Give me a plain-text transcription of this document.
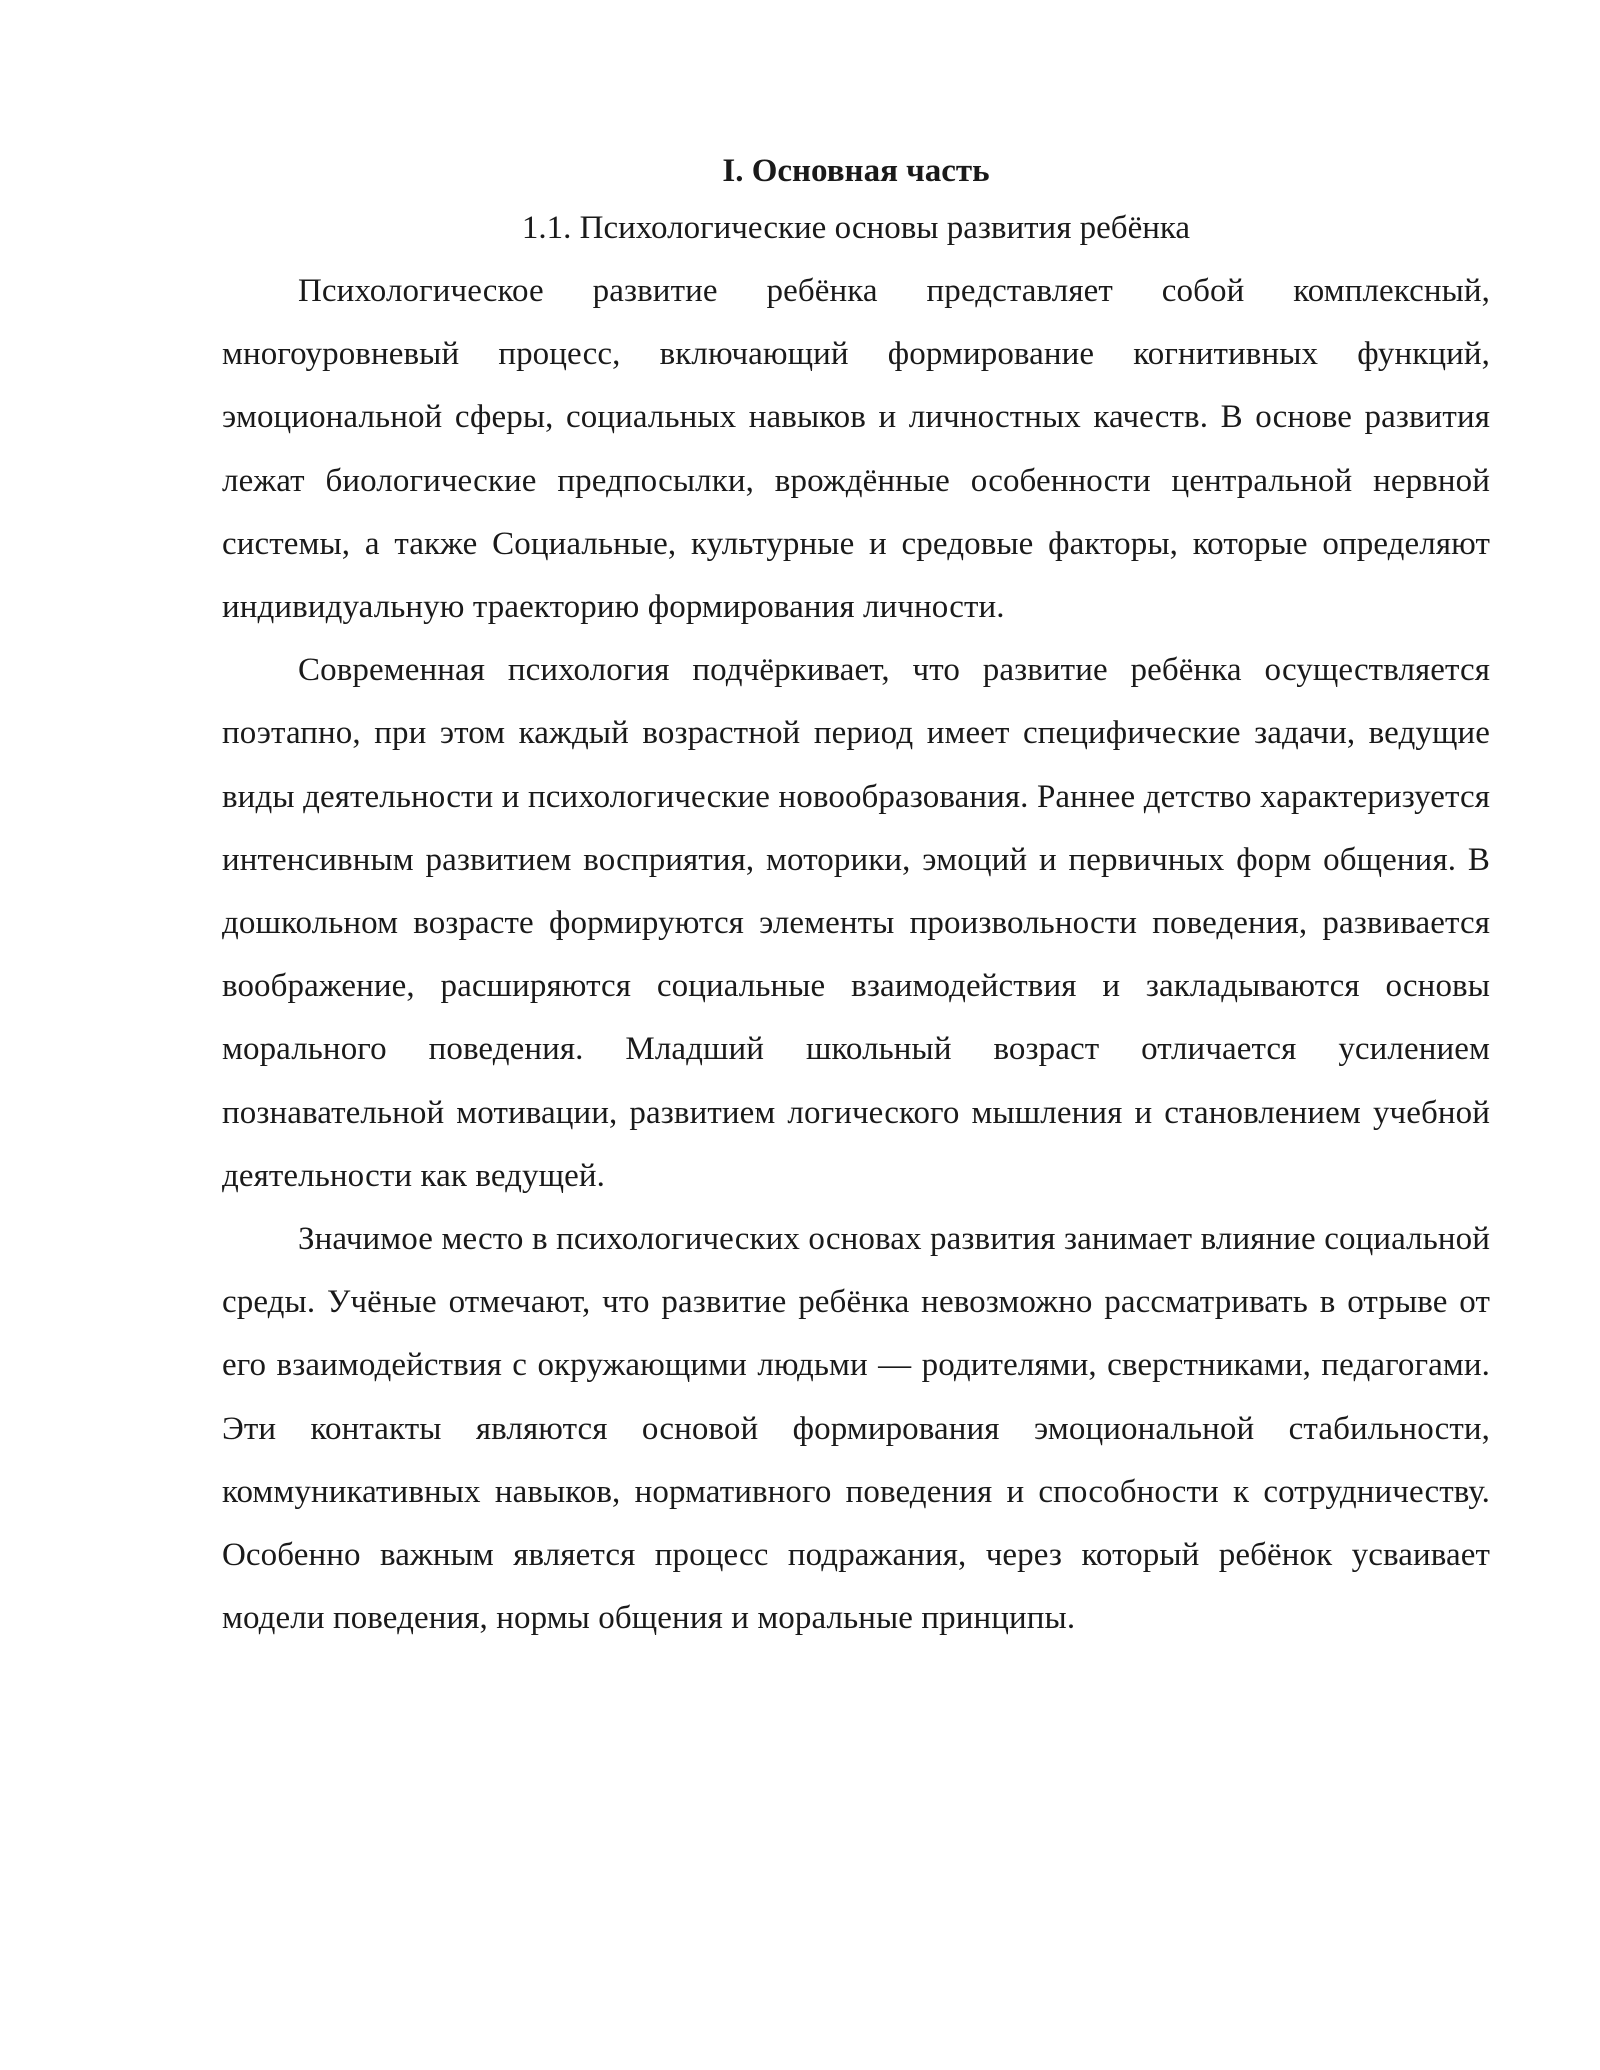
I. Основная часть
1.1. Психологические основы развития ребёнка

Психологическое развитие ребёнка представляет собой комплексный, многоуровневый процесс, включающий формирование когнитивных функций, эмоциональной сферы, социальных навыков и личностных качеств. В основе развития лежат биологические предпосылки, врождённые особенности центральной нервной системы, а также Социальные, культурные и средовые факторы, которые определяют индивидуальную траекторию формирования личности.

Современная психология подчёркивает, что развитие ребёнка осуществляется поэтапно, при этом каждый возрастной период имеет специфические задачи, ведущие виды деятельности и психологические новообразования. Раннее детство характеризуется интенсивным развитием восприятия, моторики, эмоций и первичных форм общения. В дошкольном возрасте формируются элементы произвольности поведения, развивается воображение, расширяются социальные взаимодействия и закладываются основы морального поведения. Младший школьный возраст отличается усилением познавательной мотивации, развитием логического мышления и становлением учебной деятельности как ведущей.

Значимое место в психологических основах развития занимает влияние социальной среды. Учёные отмечают, что развитие ребёнка невозможно рассматривать в отрыве от его взаимодействия с окружающими людьми — родителями, сверстниками, педагогами. Эти контакты являются основой формирования эмоциональной стабильности, коммуникативных навыков, нормативного поведения и способности к сотрудничеству. Особенно важным является процесс подражания, через который ребёнок усваивает модели поведения, нормы общения и моральные принципы.
